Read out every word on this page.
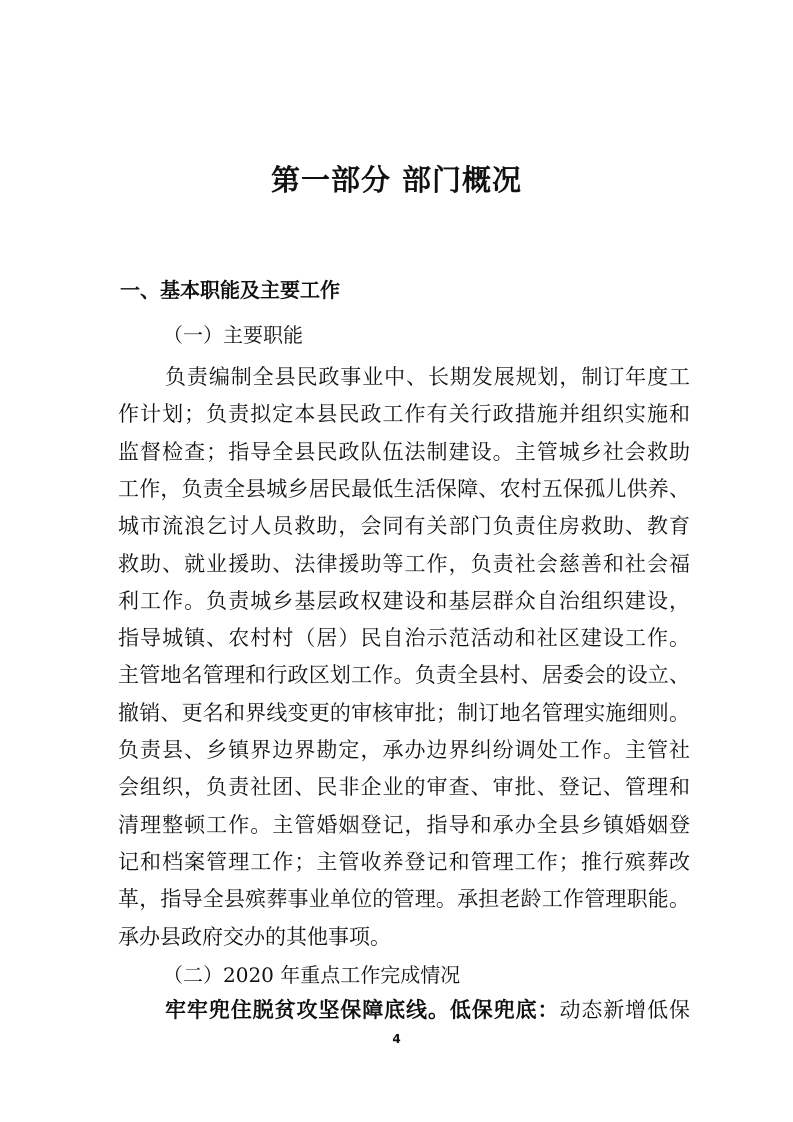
第一部分 部门概况
一、基本职能及主要工作
（一）主要职能
负责编制全县民政事业中、长期发展规划，制订年度工
作计划；负责拟定本县民政工作有关行政措施并组织实施和
监督检查；指导全县民政队伍法制建设。主管城乡社会救助
工作，负责全县城乡居民最低生活保障、农村五保孤儿供养、
城市流浪乞讨人员救助，会同有关部门负责住房救助、教育
救助、就业援助、法律援助等工作，负责社会慈善和社会福
利工作。负责城乡基层政权建设和基层群众自治组织建设，
指导城镇、农村村（居）民自治示范活动和社区建设工作。
主管地名管理和行政区划工作。负责全县村、居委会的设立、
撤销、更名和界线变更的审核审批；制订地名管理实施细则。
负责县、乡镇界边界勘定，承办边界纠纷调处工作。主管社
会组织，负责社团、民非企业的审查、审批、登记、管理和
清理整顿工作。主管婚姻登记，指导和承办全县乡镇婚姻登
记和档案管理工作；主管收养登记和管理工作；推行殡葬改
革，指导全县殡葬事业单位的管理。承担老龄工作管理职能。
承办县政府交办的其他事项。
（二）2020 年重点工作完成情况
牢牢兜住脱贫攻坚保障底线。低保兜底：动态新增低保
4
